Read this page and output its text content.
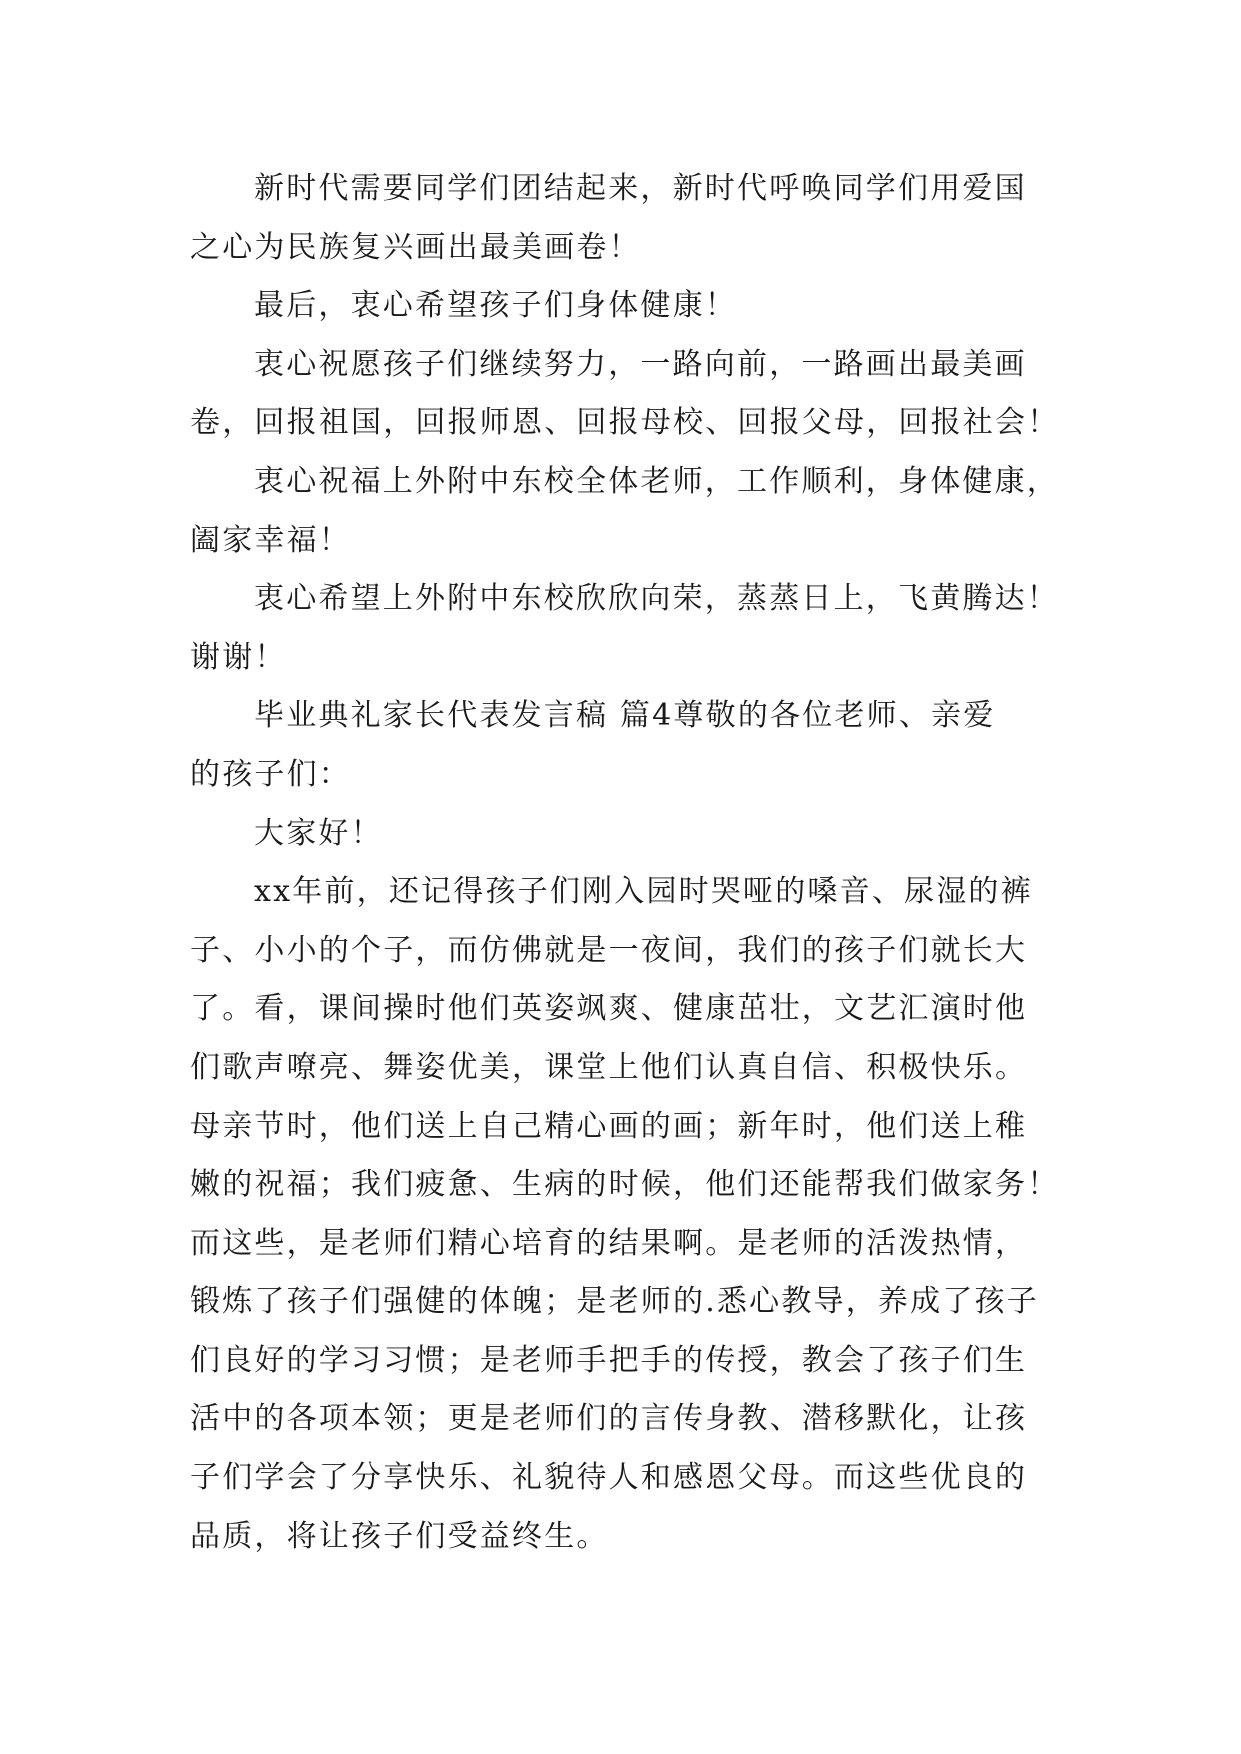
新时代需要同学们团结起来，新时代呼唤同学们用爱国
之心为民族复兴画出最美画卷！
最后，衷心希望孩子们身体健康！
衷心祝愿孩子们继续努力，一路向前，一路画出最美画
卷，回报祖国，回报师恩、回报母校、回报父母，回报社会！
衷心祝福上外附中东校全体老师，工作顺利，身体健康，
阖家幸福！
衷心希望上外附中东校欣欣向荣，蒸蒸日上，飞黄腾达！
谢谢！
毕业典礼家长代表发言稿 篇4尊敬的各位老师、亲爱
的孩子们：
大家好！
xx年前，还记得孩子们刚入园时哭哑的嗓音、尿湿的裤
子、小小的个子，而仿佛就是一夜间，我们的孩子们就长大
了。看，课间操时他们英姿飒爽、健康茁壮，文艺汇演时他
们歌声嘹亮、舞姿优美，课堂上他们认真自信、积极快乐。
母亲节时，他们送上自己精心画的画；新年时，他们送上稚
嫩的祝福；我们疲惫、生病的时候，他们还能帮我们做家务！
而这些，是老师们精心培育的结果啊。是老师的活泼热情，
锻炼了孩子们强健的体魄；是老师的.悉心教导，养成了孩子
们良好的学习习惯；是老师手把手的传授，教会了孩子们生
活中的各项本领；更是老师们的言传身教、潜移默化，让孩
子们学会了分享快乐、礼貌待人和感恩父母。而这些优良的
品质，将让孩子们受益终生。
